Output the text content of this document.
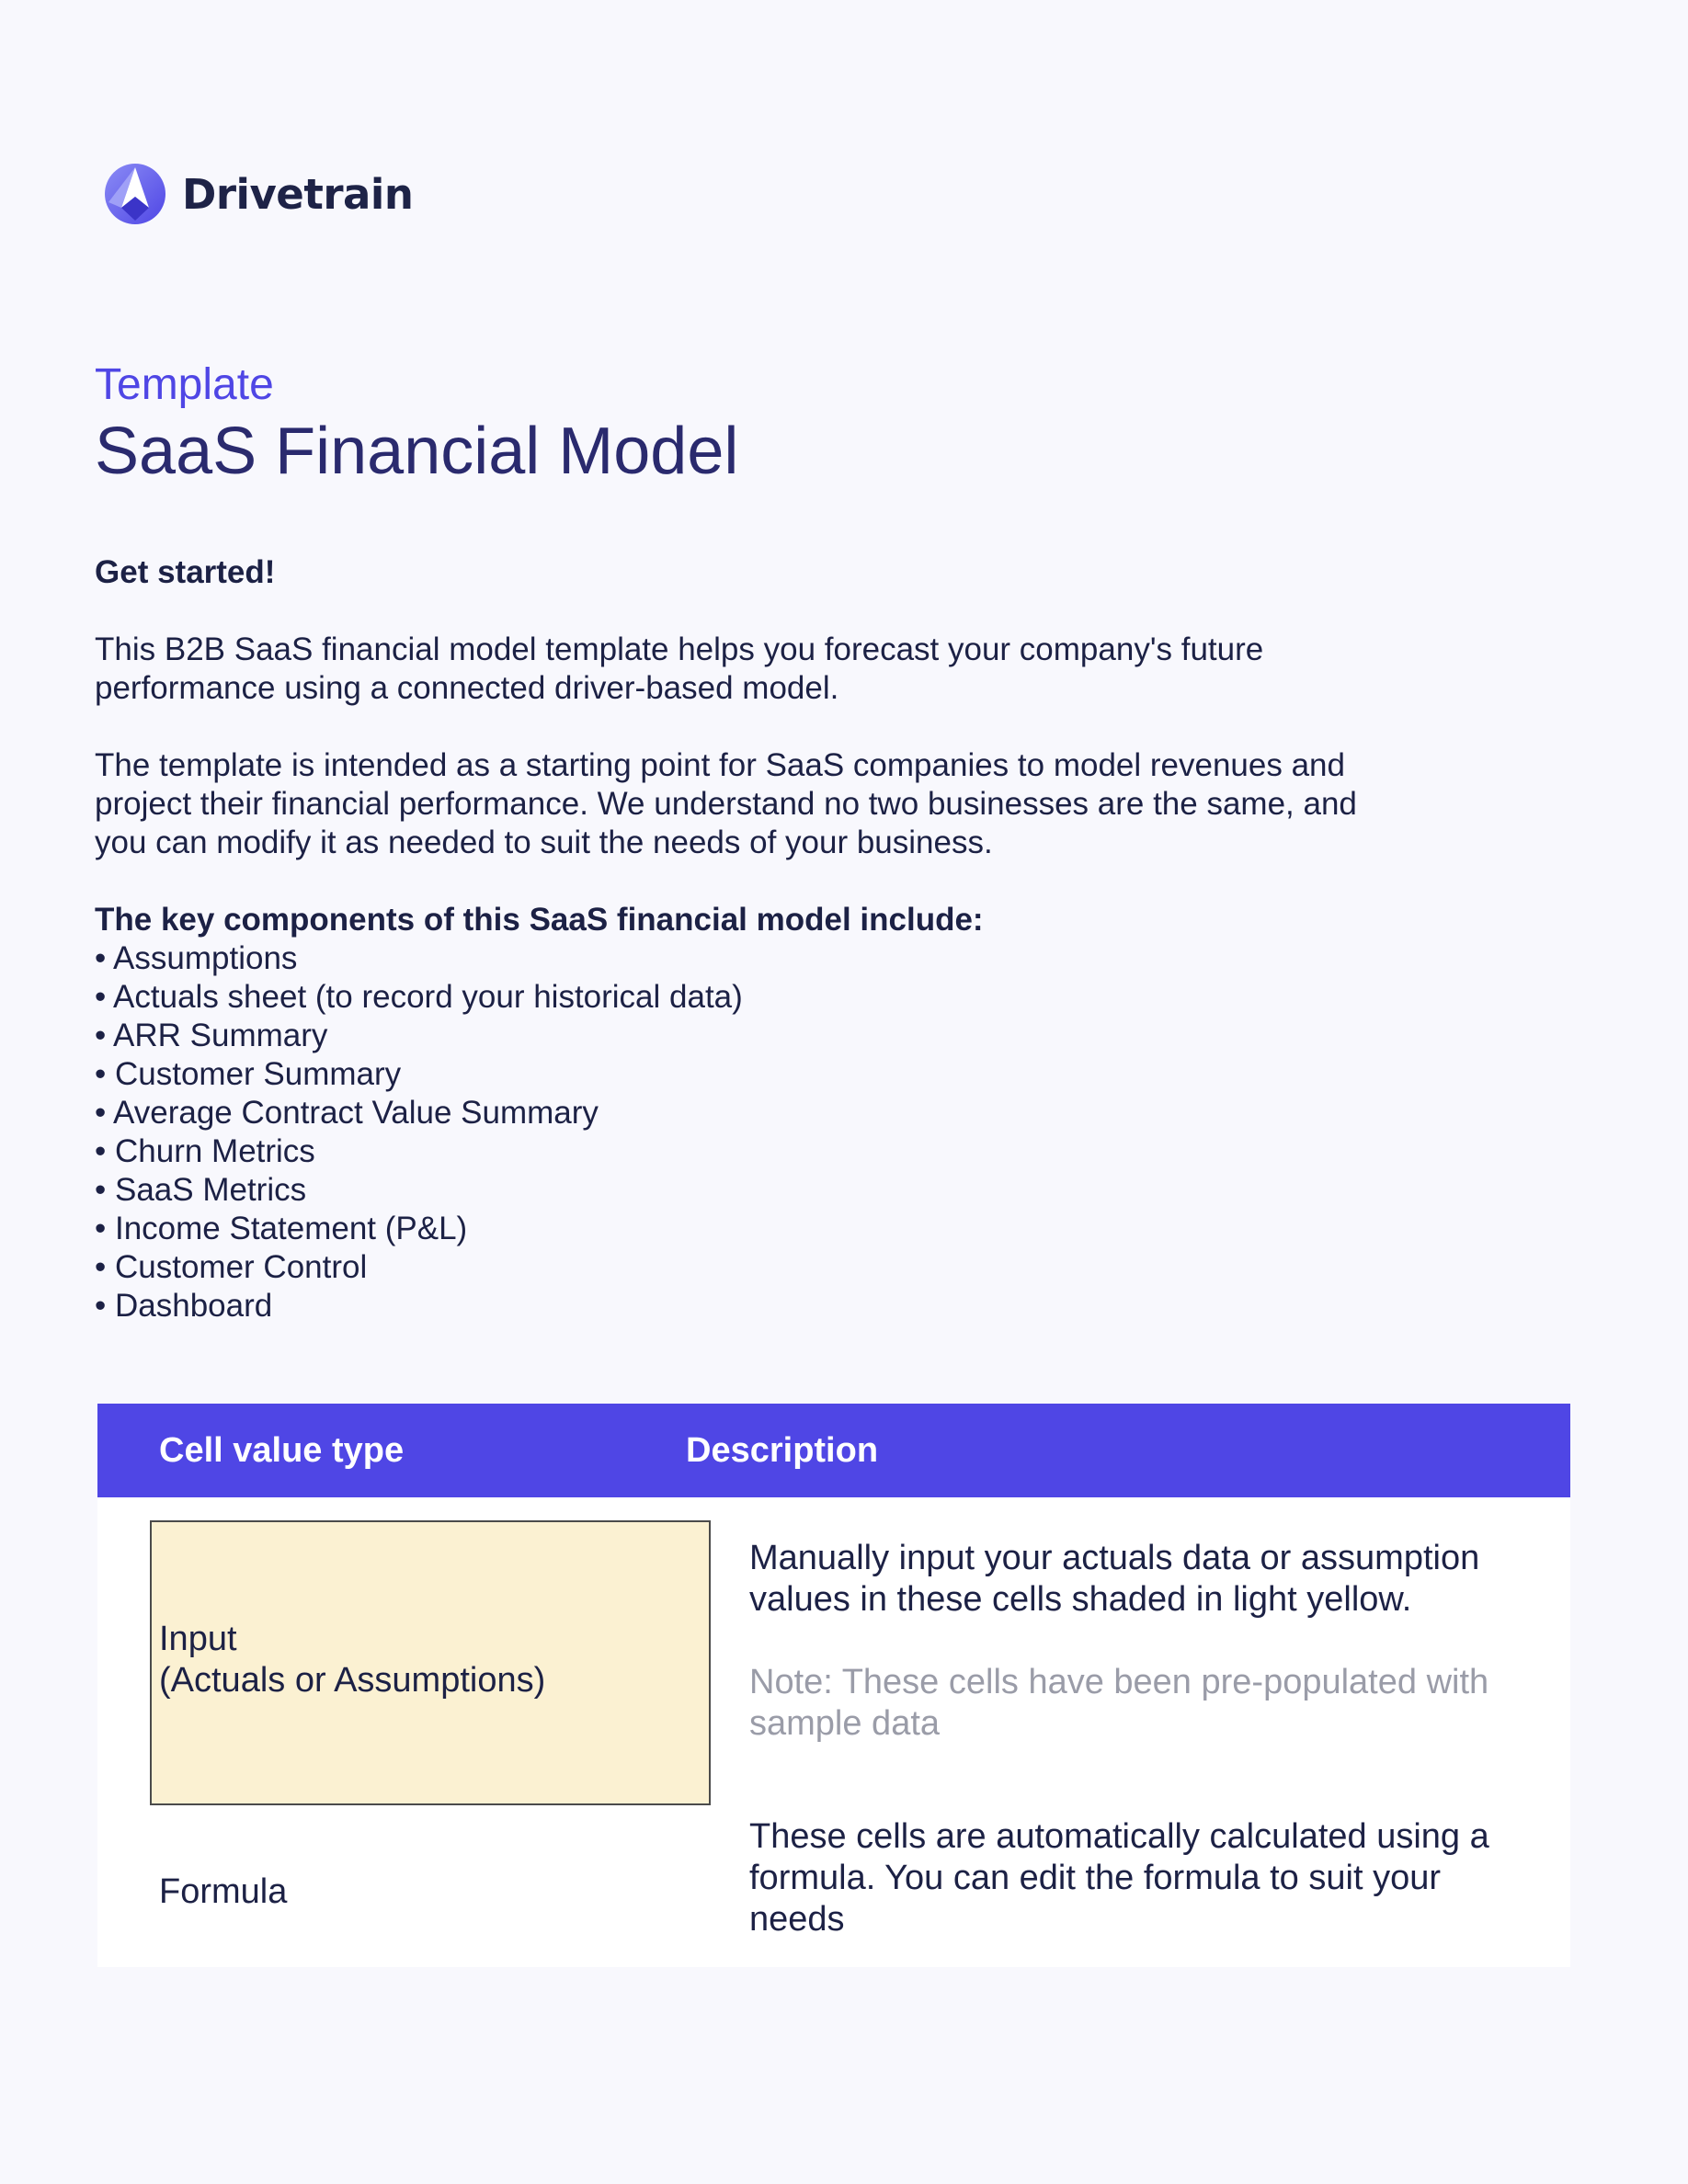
Drivetrain
Template
SaaS Financial Model

Get started!

This B2B SaaS financial model template helps you forecast your company's future performance using a connected driver-based model.

The template is intended as a starting point for SaaS companies to model revenues and project their financial performance. We understand no two businesses are the same, and you can modify it as needed to suit the needs of your business.

The key components of this SaaS financial model include:

• Assumptions
• Actuals sheet (to record your historical data)
• ARR Summary
• Customer Summary
• Average Contract Value Summary
• Churn Metrics
• SaaS Metrics
• Income Statement (P&L)
• Customer Control
• Dashboard
Cell value type	Description
Input
(Actuals or Assumptions)
Manually input your actuals data or assumption values in these cells shaded in light yellow.
Note: These cells have been pre-populated with sample data
Formula
These cells are automatically calculated using a formula. You can edit the formula to suit your needs
